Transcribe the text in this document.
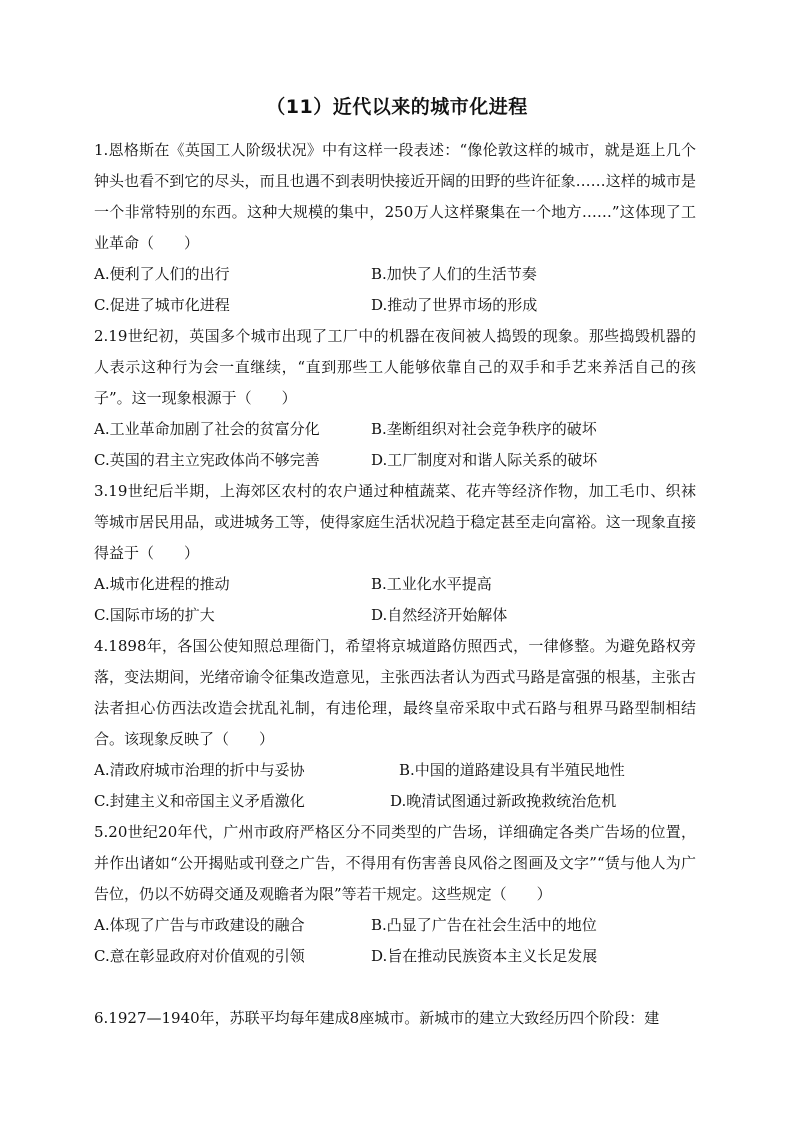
（11）近代以来的城市化进程

1.恩格斯在《英国工人阶级状况》中有这样一段表述：“像伦敦这样的城市，就是逛上几个钟头也看不到它的尽头，而且也遇不到表明快接近开阔的田野的些许征象……这样的城市是一个非常特别的东西。这种大规模的集中，250万人这样聚集在一个地方……”这体现了工业革命（　　）

A.便利了人们的出行	B.加快了人们的生活节奏
C.促进了城市化进程	D.推动了世界市场的形成

2.19世纪初，英国多个城市出现了工厂中的机器在夜间被人捣毁的现象。那些捣毁机器的人表示这种行为会一直继续，“直到那些工人能够依靠自己的双手和手艺来养活自己的孩子”。这一现象根源于（　　）

A.工业革命加剧了社会的贫富分化	B.垄断组织对社会竞争秩序的破坏
C.英国的君主立宪政体尚不够完善	D.工厂制度对和谐人际关系的破坏

3.19世纪后半期，上海郊区农村的农户通过种植蔬菜、花卉等经济作物，加工毛巾、织袜等城市居民用品，或进城务工等，使得家庭生活状况趋于稳定甚至走向富裕。这一现象直接得益于（　　）

A.城市化进程的推动	B.工业化水平提高
C.国际市场的扩大	D.自然经济开始解体

4.1898年，各国公使知照总理衙门，希望将京城道路仿照西式，一律修整。为避免路权旁落，变法期间，光绪帝谕令征集改造意见，主张西法者认为西式马路是富强的根基，主张古法者担心仿西法改造会扰乱礼制，有违伦理，最终皇帝采取中式石路与租界马路型制相结合。该现象反映了（　　）

A.清政府城市治理的折中与妥协	B.中国的道路建设具有半殖民地性
C.封建主义和帝国主义矛盾激化	D.晚清试图通过新政挽救统治危机

5.20世纪20年代，广州市政府严格区分不同类型的广告场，详细确定各类广告场的位置，并作出诸如“公开揭贴或刊登之广告，不得用有伤害善良风俗之图画及文字”“赁与他人为广告位，仍以不妨碍交通及观瞻者为限”等若干规定。这些规定（　　）

A.体现了广告与市政建设的融合	B.凸显了广告在社会生活中的地位
C.意在彰显政府对价值观的引领	D.旨在推动民族资本主义长足发展

6.1927—1940年，苏联平均每年建成8座城市。新城市的建立大致经历四个阶段：建
